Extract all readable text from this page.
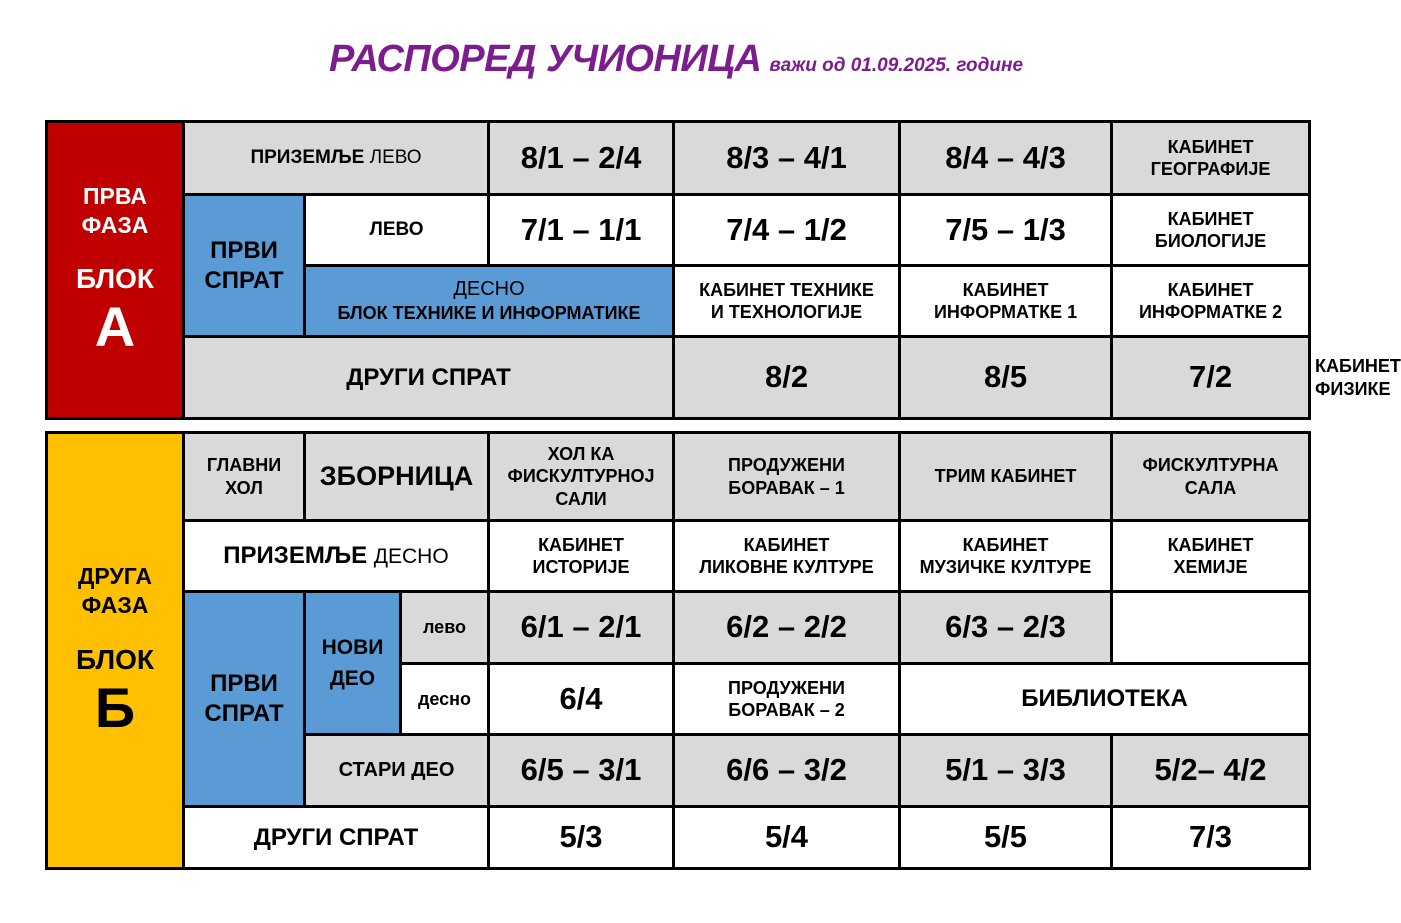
РАСПОРЕД УЧИОНИЦА важи од 01.09.2025. године
ПРВА
ФАЗА
БЛОК
А	ПРИЗЕМЉЕ ЛЕВО		8/1 – 2/4	8/3 – 4/1	8/4 – 4/3	КАБИНЕТ
ГЕОГРАФИЈЕ	
	ПРВИ
СПРАТ	ЛЕВО	7/1 – 1/1	7/4 – 1/2	7/5 – 1/3	КАБИНЕТ
БИОЛОГИЈЕ	
		ДЕСНО
БЛОК ТЕХНИКЕ И ИНФОРМАТИКЕ		КАБИНЕТ ТЕХНИКЕ
И ТЕХНОЛОГИЈЕ	КАБИНЕТ
ИНФОРМАТКЕ 1	КАБИНЕТ
ИНФОРМАТКЕ 2	
	ДРУГИ СПРАТ			8/2	8/5	7/2	КАБИНЕТ
ФИЗИКЕ
ДРУГА
ФАЗА
БЛОК
Б	ГЛАВНИ
ХОЛ	ЗБОРНИЦА		ХОЛ КА
ФИСКУЛТУРНОЈ
САЛИ	ПРОДУЖЕНИ
БОРАВАК – 1	ТРИМ КАБИНЕТ	ФИСКУЛТУРНА
САЛА
	ПРИЗЕМЉЕ ДЕСНО			КАБИНЕТ
ИСТОРИЈЕ	КАБИНЕТ
ЛИКОВНЕ КУЛТУРЕ	КАБИНЕТ
МУЗИЧКЕ КУЛТУРЕ	КАБИНЕТ
ХЕМИЈЕ
	ПРВИ
СПРАТ	НОВИ
ДЕО	лево	6/1 – 2/1	6/2 – 2/2	6/3 – 2/3	
			десно	6/4	ПРОДУЖЕНИ
БОРАВАК – 2	БИБЛИОТЕКА	
		СТАРИ ДЕО		6/5 – 3/1	6/6 – 3/2	5/1 – 3/3	5/2– 4/2
	ДРУГИ СПРАТ			5/3	5/4	5/5	7/3
